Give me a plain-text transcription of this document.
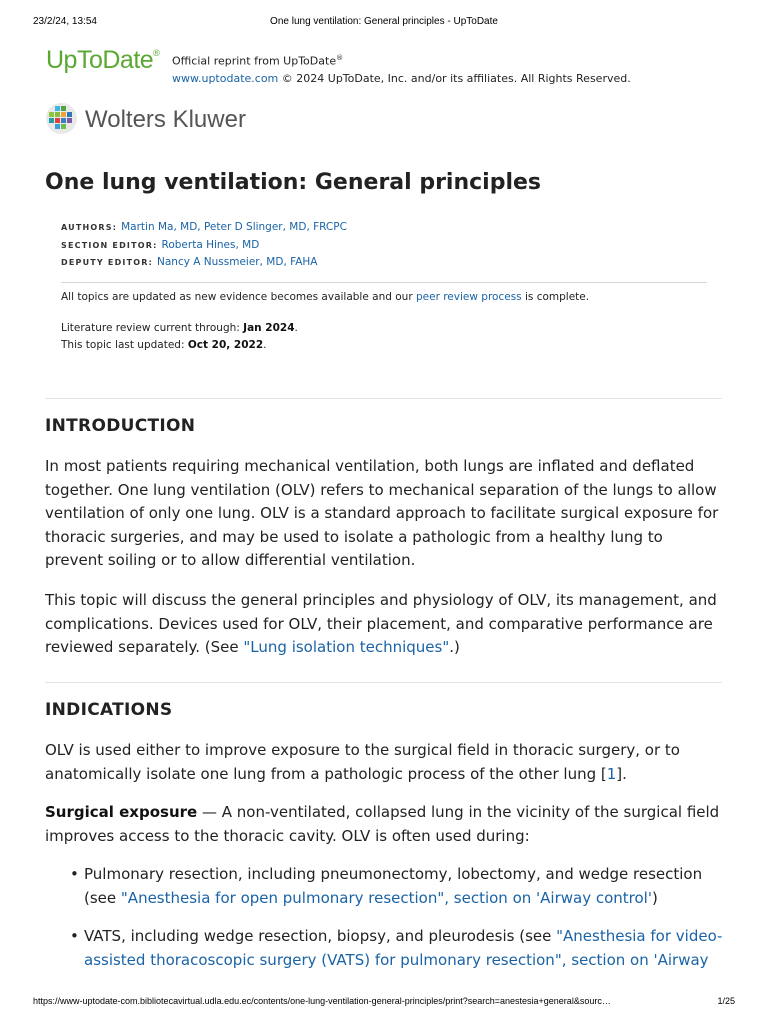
23/2/24, 13:54	One lung ventilation: General principles - UpToDate
UpToDate®
Official reprint from UpToDate®
www.uptodate.com © 2024 UpToDate, Inc. and/or its affiliates. All Rights Reserved.
Wolters Kluwer
One lung ventilation: General principles
AUTHORS: Martin Ma, MD, Peter D Slinger, MD, FRCPC
SECTION EDITOR: Roberta Hines, MD
DEPUTY EDITOR: Nancy A Nussmeier, MD, FAHA
All topics are updated as new evidence becomes available and our peer review process is complete.
Literature review current through: Jan 2024.
This topic last updated: Oct 20, 2022.
INTRODUCTION

In most patients requiring mechanical ventilation, both lungs are inflated and deflated together. One lung ventilation (OLV) refers to mechanical separation of the lungs to allow ventilation of only one lung. OLV is a standard approach to facilitate surgical exposure for thoracic surgeries, and may be used to isolate a pathologic from a healthy lung to prevent soiling or to allow differential ventilation.

This topic will discuss the general principles and physiology of OLV, its management, and complications. Devices used for OLV, their placement, and comparative performance are reviewed separately. (See "Lung isolation techniques".)

INDICATIONS

OLV is used either to improve exposure to the surgical field in thoracic surgery, or to anatomically isolate one lung from a pathologic process of the other lung [1].

Surgical exposure — A non-ventilated, collapsed lung in the vicinity of the surgical field improves access to the thoracic cavity. OLV is often used during:

• Pulmonary resection, including pneumonectomy, lobectomy, and wedge resection (see "Anesthesia for open pulmonary resection", section on 'Airway control')
• VATS, including wedge resection, biopsy, and pleurodesis (see "Anesthesia for video-assisted thoracoscopic surgery (VATS) for pulmonary resection", section on 'Airway
https://www-uptodate-com.bibliotecavirtual.udla.edu.ec/contents/one-lung-ventilation-general-principles/print?search=anestesia+general&sourc…	1/25
